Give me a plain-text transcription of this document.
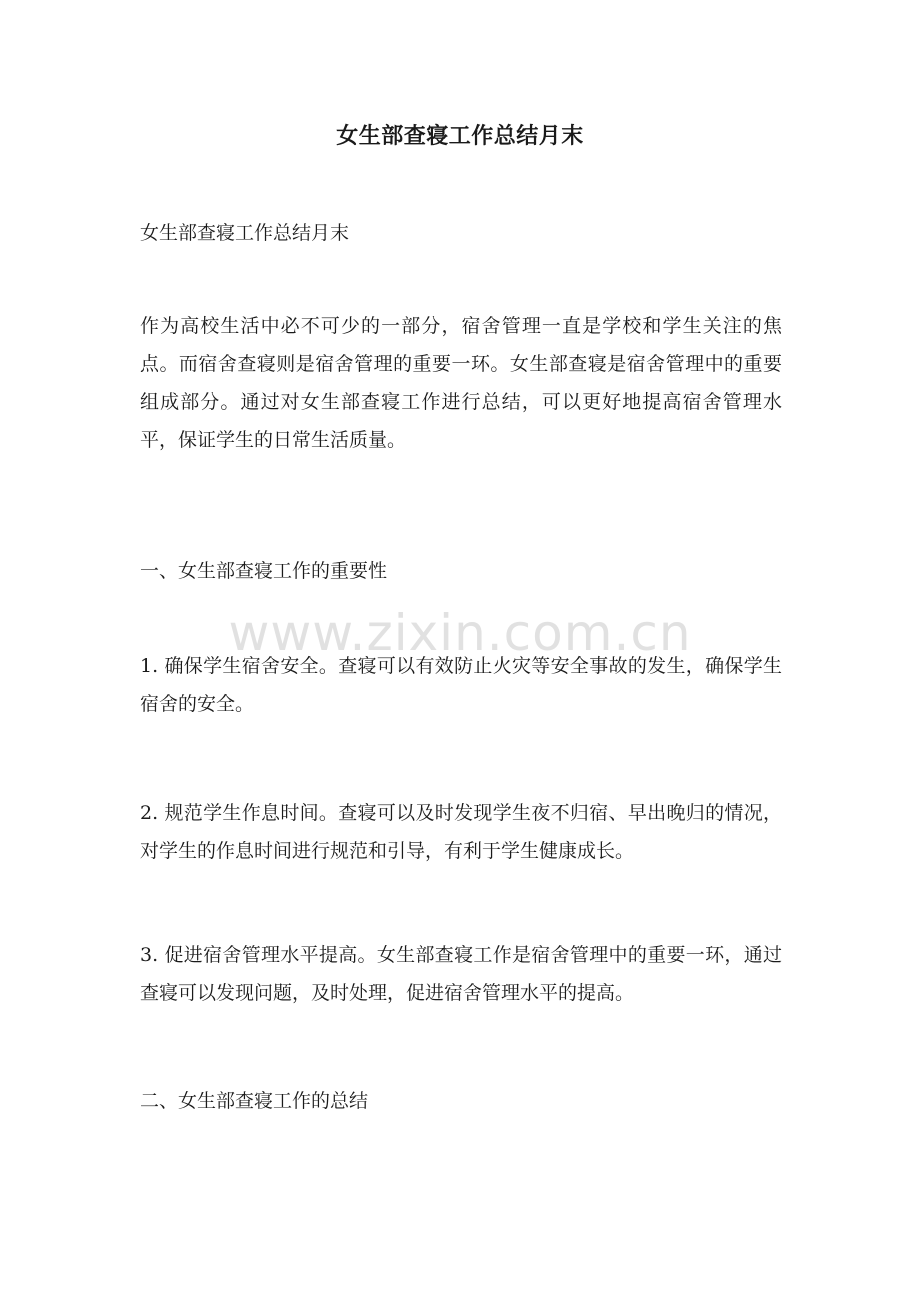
女生部查寝工作总结月末

女生部查寝工作总结月末

作为高校生活中必不可少的一部分，宿舍管理一直是学校和学生关注的焦点。而宿舍查寝则是宿舍管理的重要一环。女生部查寝是宿舍管理中的重要组成部分。通过对女生部查寝工作进行总结，可以更好地提高宿舍管理水平，保证学生的日常生活质量。

一、女生部查寝工作的重要性

1. 确保学生宿舍安全。查寝可以有效防止火灾等安全事故的发生，确保学生宿舍的安全。

2. 规范学生作息时间。查寝可以及时发现学生夜不归宿、早出晚归的情况，对学生的作息时间进行规范和引导，有利于学生健康成长。

3. 促进宿舍管理水平提高。女生部查寝工作是宿舍管理中的重要一环，通过查寝可以发现问题，及时处理，促进宿舍管理水平的提高。

二、女生部查寝工作的总结

www.zixin.com.cn
